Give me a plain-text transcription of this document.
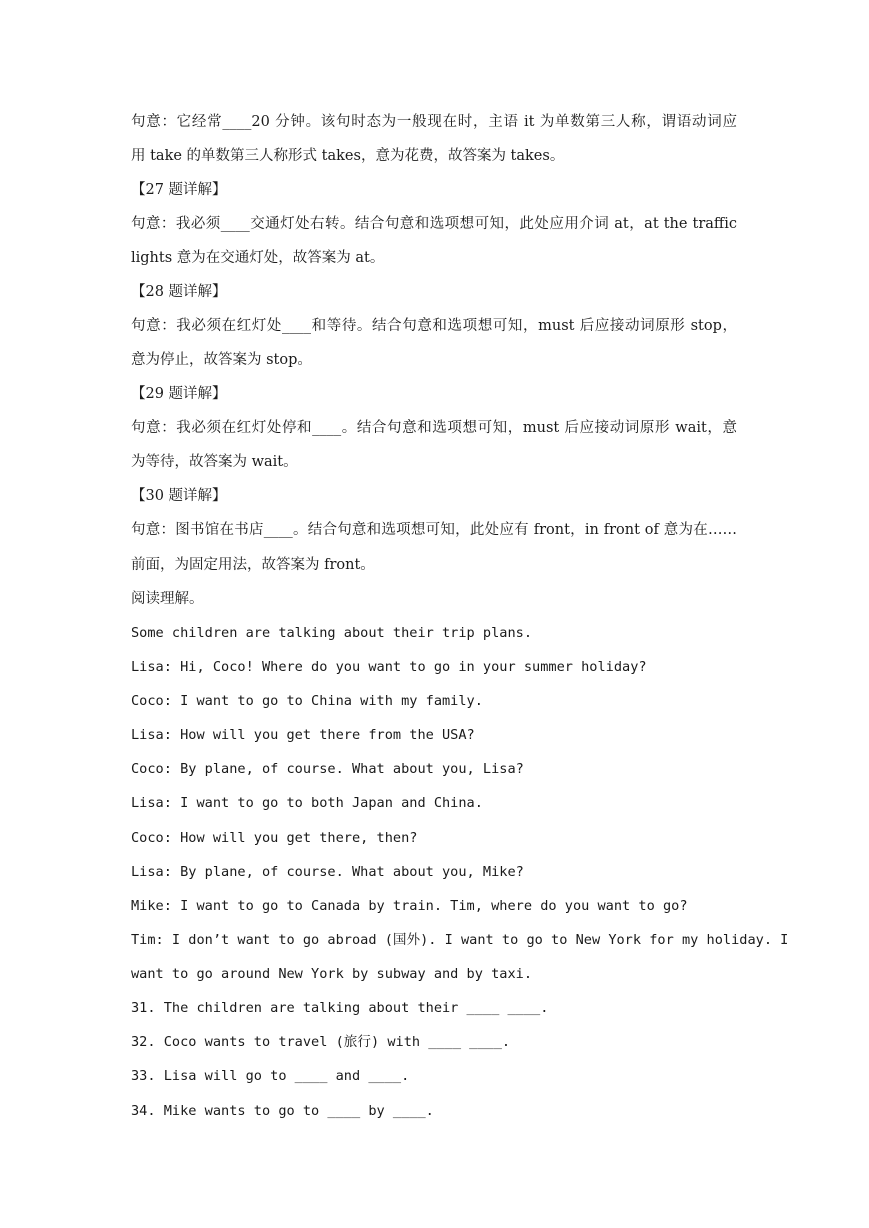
句意：它经常____20 分钟。该句时态为一般现在时，主语 it 为单数第三人称，谓语动词应
用 take 的单数第三人称形式 takes，意为花费，故答案为 takes。
【27 题详解】
句意：我必须____交通灯处右转。结合句意和选项想可知，此处应用介词 at，at the traffic
lights 意为在交通灯处，故答案为 at。
【28 题详解】
句意：我必须在红灯处____和等待。结合句意和选项想可知，must 后应接动词原形 stop，
意为停止，故答案为 stop。
【29 题详解】
句意：我必须在红灯处停和____。结合句意和选项想可知，must 后应接动词原形 wait，意
为等待，故答案为 wait。
【30 题详解】
句意：图书馆在书店____。结合句意和选项想可知，此处应有 front，in front of 意为在……
前面，为固定用法，故答案为 front。
阅读理解。
Some children are talking about their trip plans.
Lisa: Hi, Coco! Where do you want to go in your summer holiday?
Coco: I want to go to China with my family.
Lisa: How will you get there from the USA?
Coco: By plane, of course. What about you, Lisa?
Lisa: I want to go to both Japan and China.
Coco: How will you get there, then?
Lisa: By plane, of course. What about you, Mike?
Mike: I want to go to Canada by train. Tim, where do you want to go?
Tim: I don’t want to go abroad (国外). I want to go to New York for my holiday. I
want to go around New York by subway and by taxi.
31. The children are talking about their ____ ____.
32. Coco wants to travel (旅行) with ____ ____.
33. Lisa will go to ____ and ____.
34. Mike wants to go to ____ by ____.
